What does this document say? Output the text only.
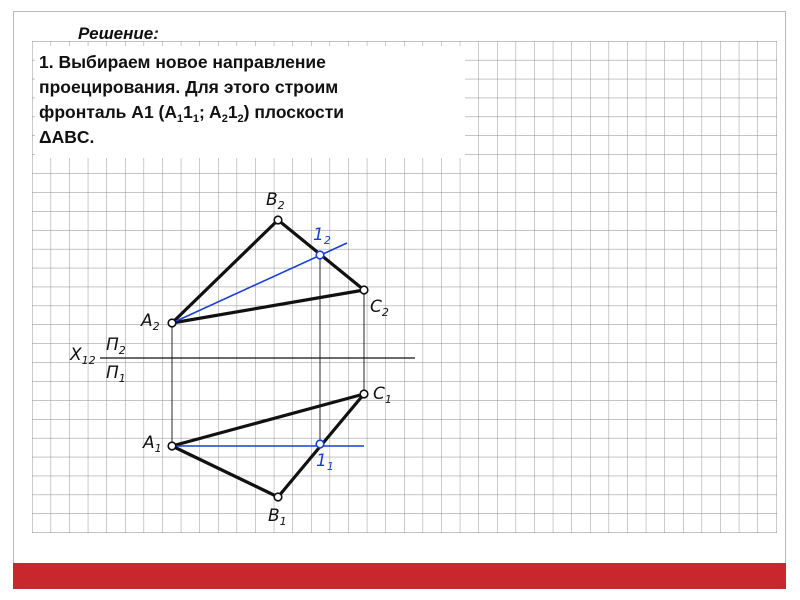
Решение:
1. Выбираем новое направление
проецирования. Для этого строим
фронталь A1 ($A_11_1$; $A_21_2$) плоскости
ΔABC.
$B_2$
$1_2$
$C_2$
$A_2$
$X_{12}$
$П_2$
$П_1$
$C_1$
$A_1$
$1_1$
$B_1$
